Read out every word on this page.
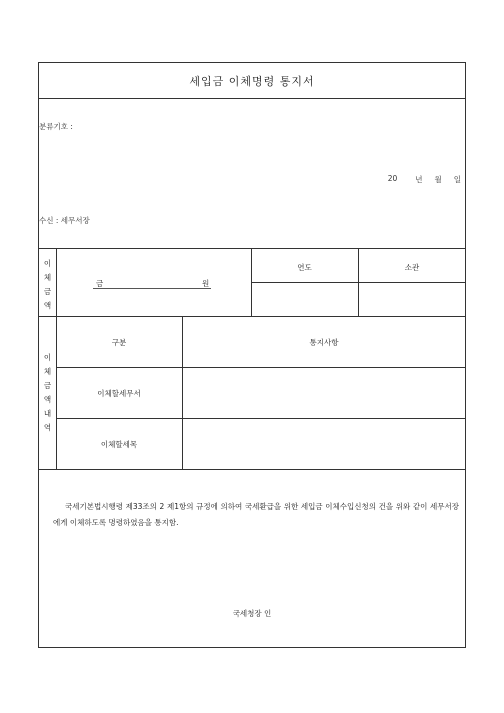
세입금 이체명령 통지서
분류기호 :
20 년 월 일
수신 : 세무서장
이
체
금
액
금	원
연도	소관
이
체
금
액
내
역
구분	통지사항
이체할세무서
이체할세목
국세기본법시행령 제33조의 2 제1항의 규정에 의하여 국세환급을 위한 세입금 이체수입신청의 건을 위와 같이 세무서장에게 이체하도록 명령하였음을 통지함.
국세청장 인
